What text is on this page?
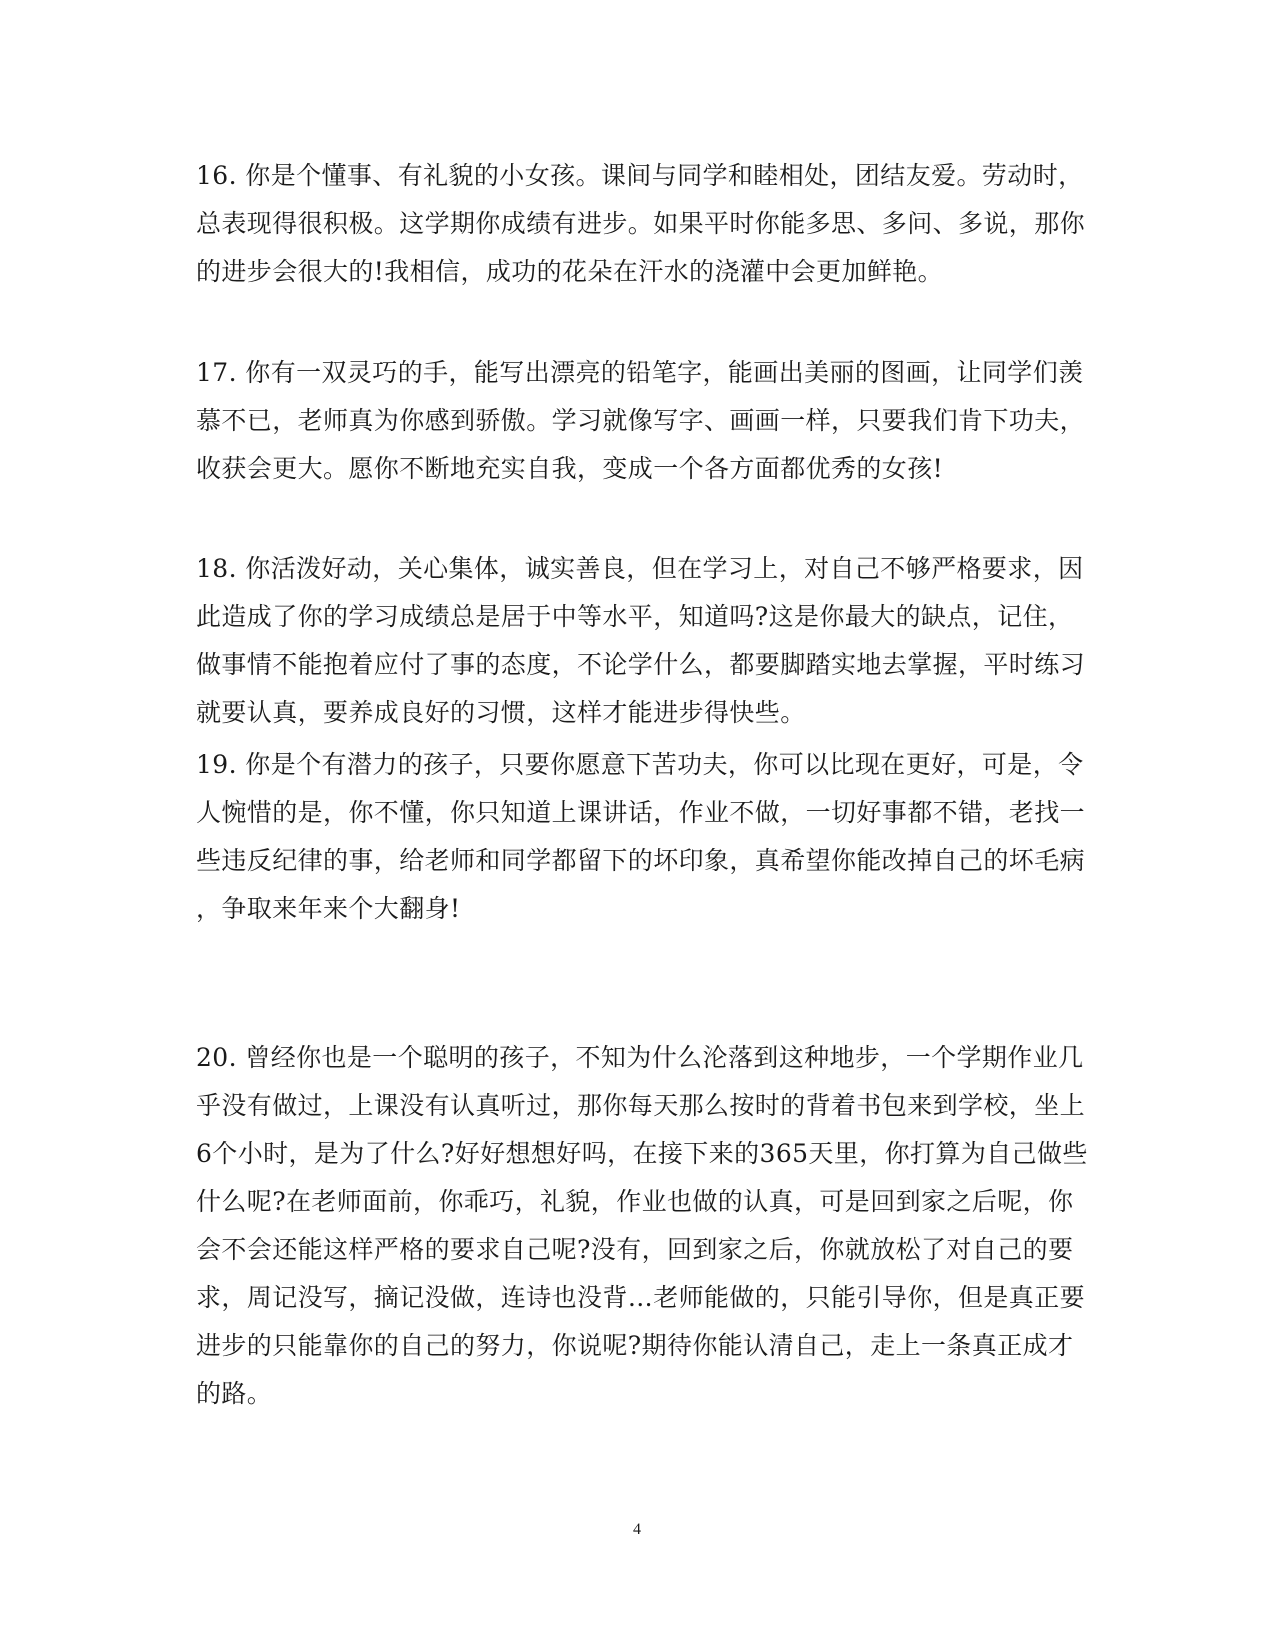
16. 你是个懂事、有礼貌的小女孩。课间与同学和睦相处，团结友爱。劳动时，
总表现得很积极。这学期你成绩有进步。如果平时你能多思、多问、多说，那你
的进步会很大的!我相信，成功的花朵在汗水的浇灌中会更加鲜艳。
17. 你有一双灵巧的手，能写出漂亮的铅笔字，能画出美丽的图画，让同学们羡
慕不已，老师真为你感到骄傲。学习就像写字、画画一样，只要我们肯下功夫，
收获会更大。愿你不断地充实自我，变成一个各方面都优秀的女孩!
18. 你活泼好动，关心集体，诚实善良，但在学习上，对自己不够严格要求，因
此造成了你的学习成绩总是居于中等水平，知道吗?这是你最大的缺点，记住，
做事情不能抱着应付了事的态度，不论学什么，都要脚踏实地去掌握，平时练习
就要认真，要养成良好的习惯，这样才能进步得快些。
19. 你是个有潜力的孩子，只要你愿意下苦功夫，你可以比现在更好，可是，令
人惋惜的是，你不懂，你只知道上课讲话，作业不做，一切好事都不错，老找一
些违反纪律的事，给老师和同学都留下的坏印象，真希望你能改掉自己的坏毛病
，争取来年来个大翻身!
20. 曾经你也是一个聪明的孩子，不知为什么沦落到这种地步，一个学期作业几
乎没有做过，上课没有认真听过，那你每天那么按时的背着书包来到学校，坐上
6个小时，是为了什么?好好想想好吗，在接下来的365天里，你打算为自己做些
什么呢?在老师面前，你乖巧，礼貌，作业也做的认真，可是回到家之后呢，你
会不会还能这样严格的要求自己呢?没有，回到家之后，你就放松了对自己的要
求，周记没写，摘记没做，连诗也没背…老师能做的，只能引导你，但是真正要
进步的只能靠你的自己的努力，你说呢?期待你能认清自己，走上一条真正成才
的路。
4
